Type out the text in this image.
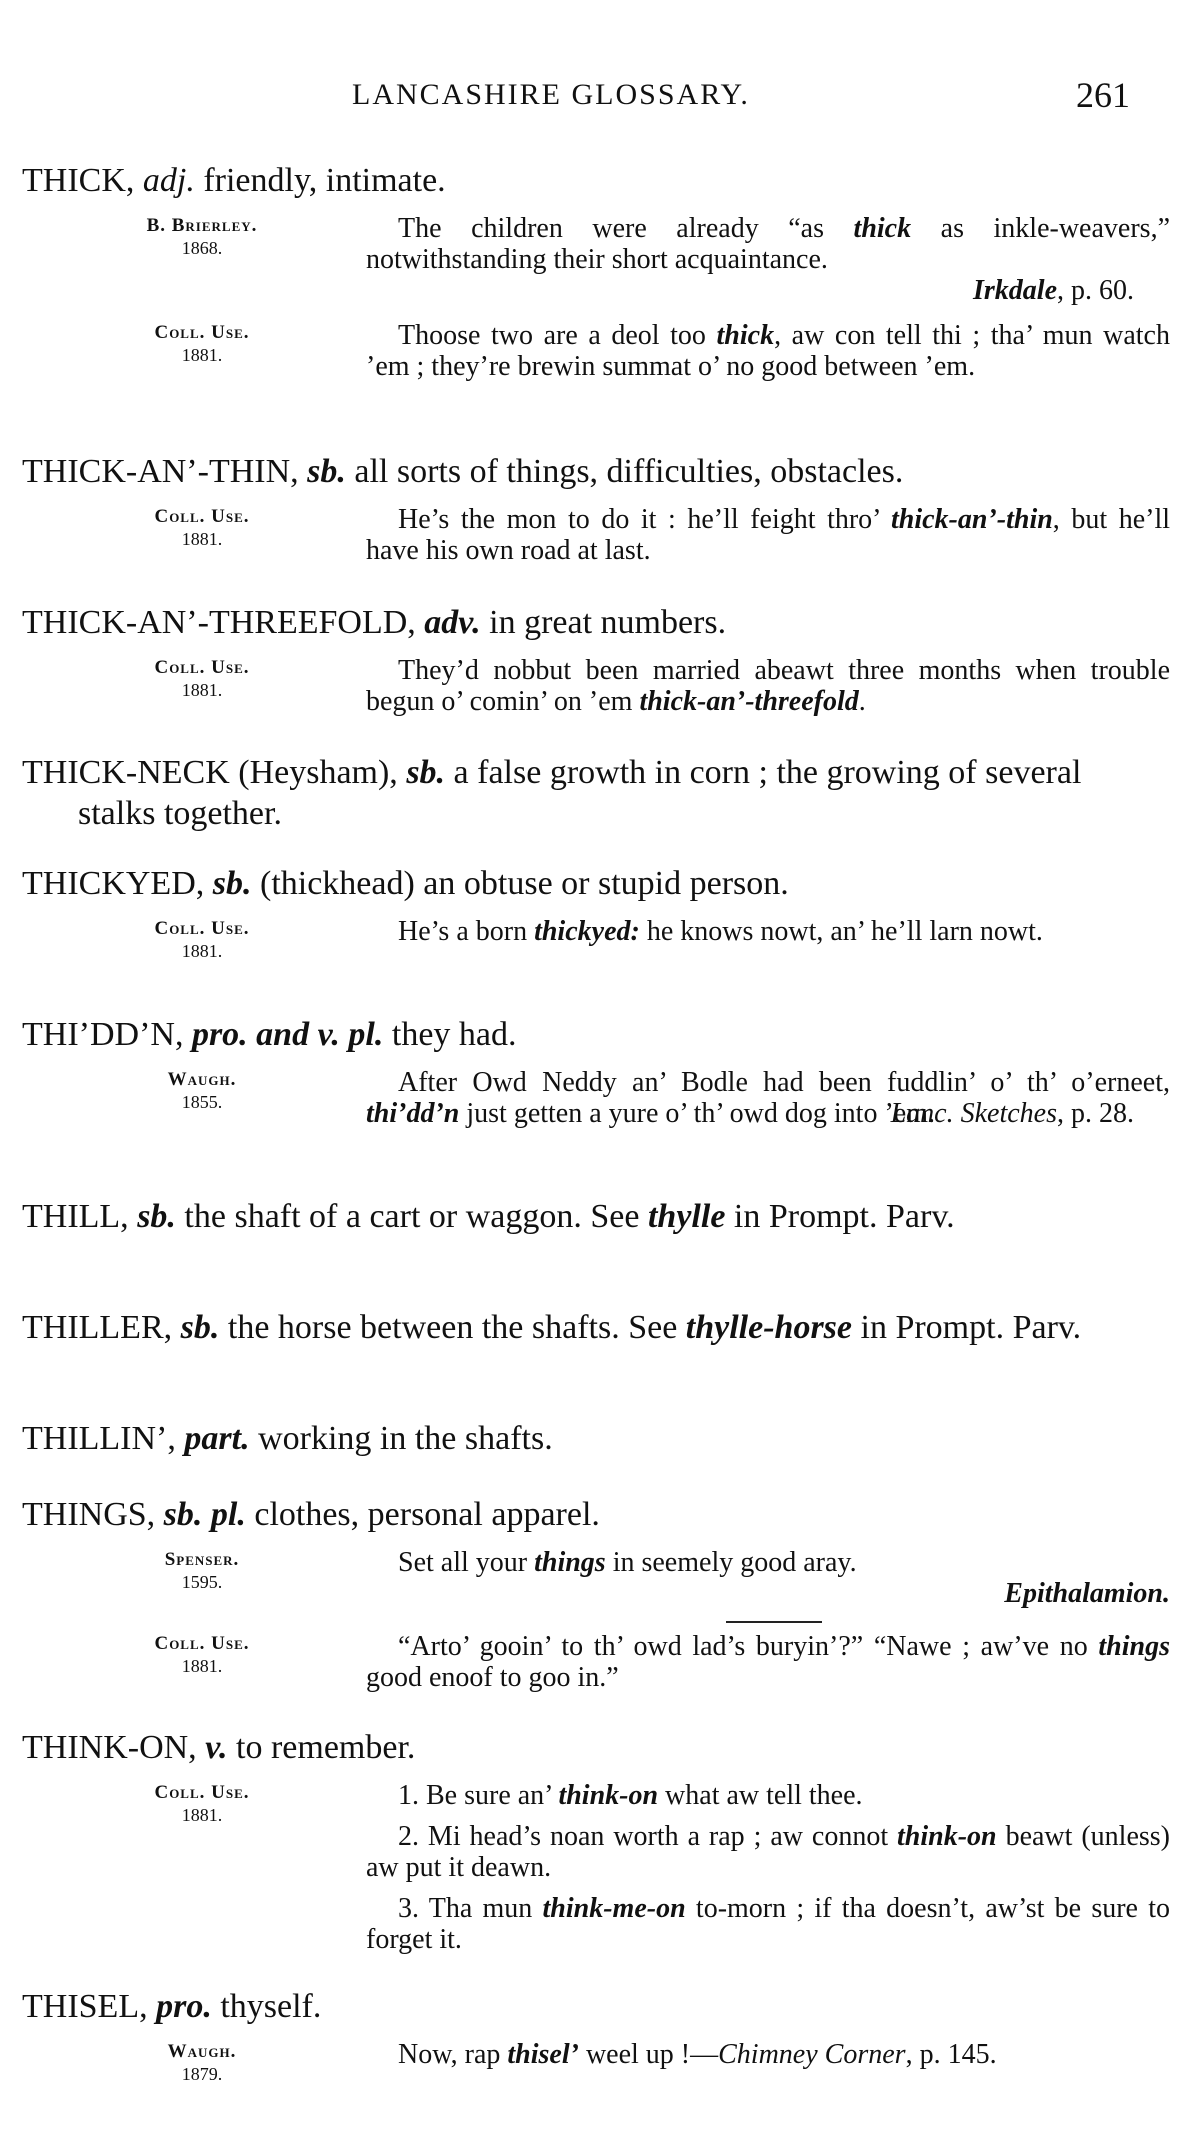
LANCASHIRE GLOSSARY.	261
THICK, adj. friendly, intimate.
B. Brierley.
1868.

The children were already “as thick as inkle-weavers,” notwithstanding their short acquaintance.

Irkdale, p. 60.
Coll. Use.
1881.

Thoose two are a deol too thick, aw con tell thi ; tha’ mun watch ’em ; they’re brewin summat o’ no good between ’em.

THICK-AN’-THIN, sb. all sorts of things, difficulties, obstacles.
Coll. Use.
1881.

He’s the mon to do it : he’ll feight thro’ thick-an’-thin, but he’ll have his own road at last.

THICK-AN’-THREEFOLD, adv. in great numbers.
Coll. Use.
1881.

They’d nobbut been married abeawt three months when trouble begun o’ comin’ on ’em thick-an’-threefold.

THICK-NECK (Heysham), sb. a false growth in corn ; the growing of several stalks together.
THICKYED, sb. (thickhead) an obtuse or stupid person.
Coll. Use.
1881.

He’s a born thickyed: he knows nowt, an’ he’ll larn nowt.

THI’DD’N, pro. and v. pl. they had.
Waugh.
1855.

After Owd Neddy an’ Bodle had been fuddlin’ o’ th’ o’erneet, thi’dd’n just getten a yure o’ th’ owd dog into ’em.

Lanc. Sketches, p. 28.
THILL, sb. the shaft of a cart or waggon. See thylle in Prompt. Parv.
THILLER, sb. the horse between the shafts. See thylle-horse in Prompt. Parv.
THILLIN’, part. working in the shafts.
THINGS, sb. pl. clothes, personal apparel.
Spenser.
1595.

Set all your things in seemely good aray.

Epithalamion.
Coll. Use.
1881.

“Arto’ gooin’ to th’ owd lad’s buryin’?” “Nawe ; aw’ve no things good enoof to goo in.”

THINK-ON, v. to remember.
Coll. Use.
1881.

1. Be sure an’ think-on what aw tell thee.

2. Mi head’s noan worth a rap ; aw connot think-on beawt (unless) aw put it deawn.

3. Tha mun think-me-on to-morn ; if tha doesn’t, aw’st be sure to forget it.

THISEL, pro. thyself.
Waugh.
1879.

Now, rap thisel’ weel up !—Chimney Corner, p. 145.
